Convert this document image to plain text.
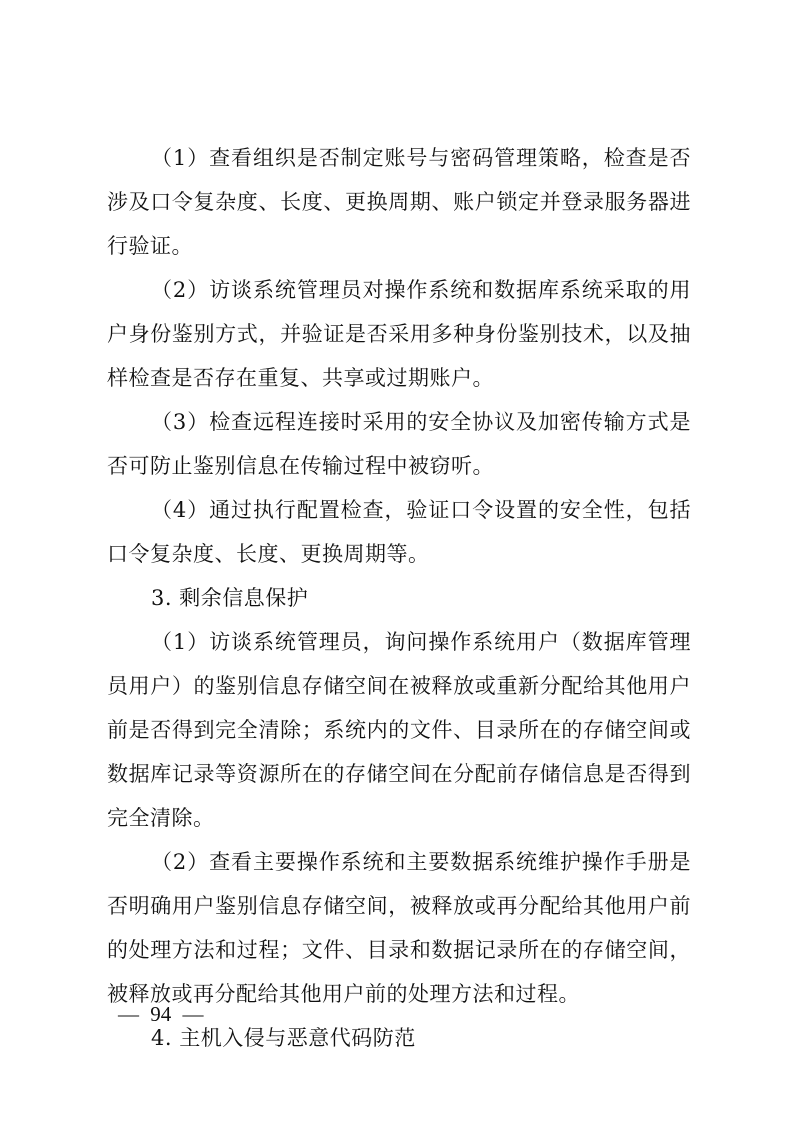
（1）查看组织是否制定账号与密码管理策略，检查是否涉及口令复杂度、长度、更换周期、账户锁定并登录服务器进行验证。

（2）访谈系统管理员对操作系统和数据库系统采取的用户身份鉴别方式，并验证是否采用多种身份鉴别技术，以及抽样检查是否存在重复、共享或过期账户。

（3）检查远程连接时采用的安全协议及加密传输方式是否可防止鉴别信息在传输过程中被窃听。

（4）通过执行配置检查，验证口令设置的安全性，包括口令复杂度、长度、更换周期等。

3. 剩余信息保护

（1）访谈系统管理员，询问操作系统用户（数据库管理员用户）的鉴别信息存储空间在被释放或重新分配给其他用户前是否得到完全清除；系统内的文件、目录所在的存储空间或数据库记录等资源所在的存储空间在分配前存储信息是否得到完全清除。

（2）查看主要操作系统和主要数据系统维护操作手册是否明确用户鉴别信息存储空间，被释放或再分配给其他用户前的处理方法和过程；文件、目录和数据记录所在的存储空间，被释放或再分配给其他用户前的处理方法和过程。

4. 主机入侵与恶意代码防范

— 94 —
